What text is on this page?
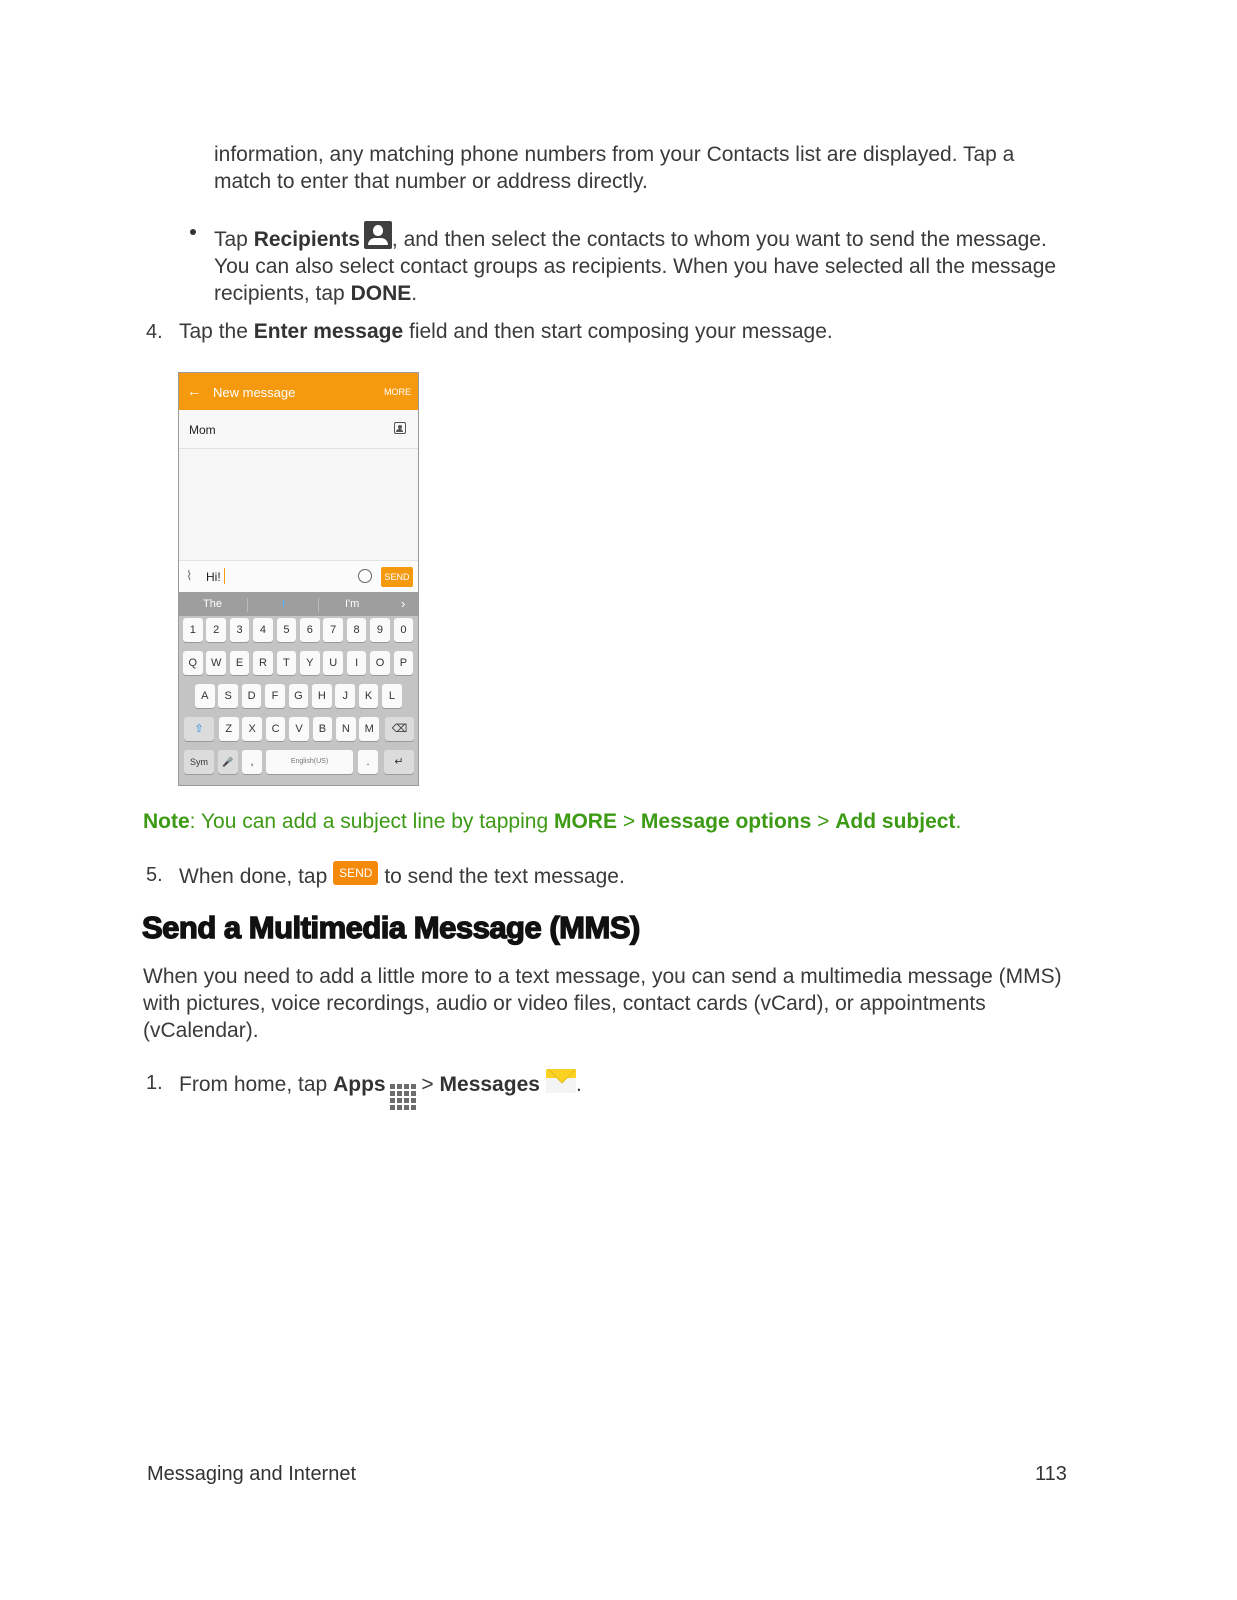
information, any matching phone numbers from your Contacts list are displayed. Tap a
match to enter that number or address directly.
Tap Recipients , and then select the contacts to whom you want to send the message.
You can also select contact groups as recipients. When you have selected all the message
recipients, tap DONE.
4. Tap the Enter message field and then start composing your message.
← New message	MORE
Mom
⌇ Hi!	SEND
The	I	I'm	›
1	2	3	4	5	6	7	8	9	0
Q	W	E	R	T	Y	U	I	O	P
A	S	D	F	G	H	J	K	L
⇧	⌫
Z	X	C	V	B	N	M
Sym	🎤	,	English(US)	.	↵
Note: You can add a subject line by tapping MORE > Message options > Add subject.
5. When done, tap SEND to send the text message.
Send a Multimedia Message (MMS)
When you need to add a little more to a text message, you can send a multimedia message (MMS)
with pictures, voice recordings, audio or video files, contact cards (vCard), or appointments
(vCalendar).
1. From home, tap Apps > Messages .
Messaging and Internet	113
